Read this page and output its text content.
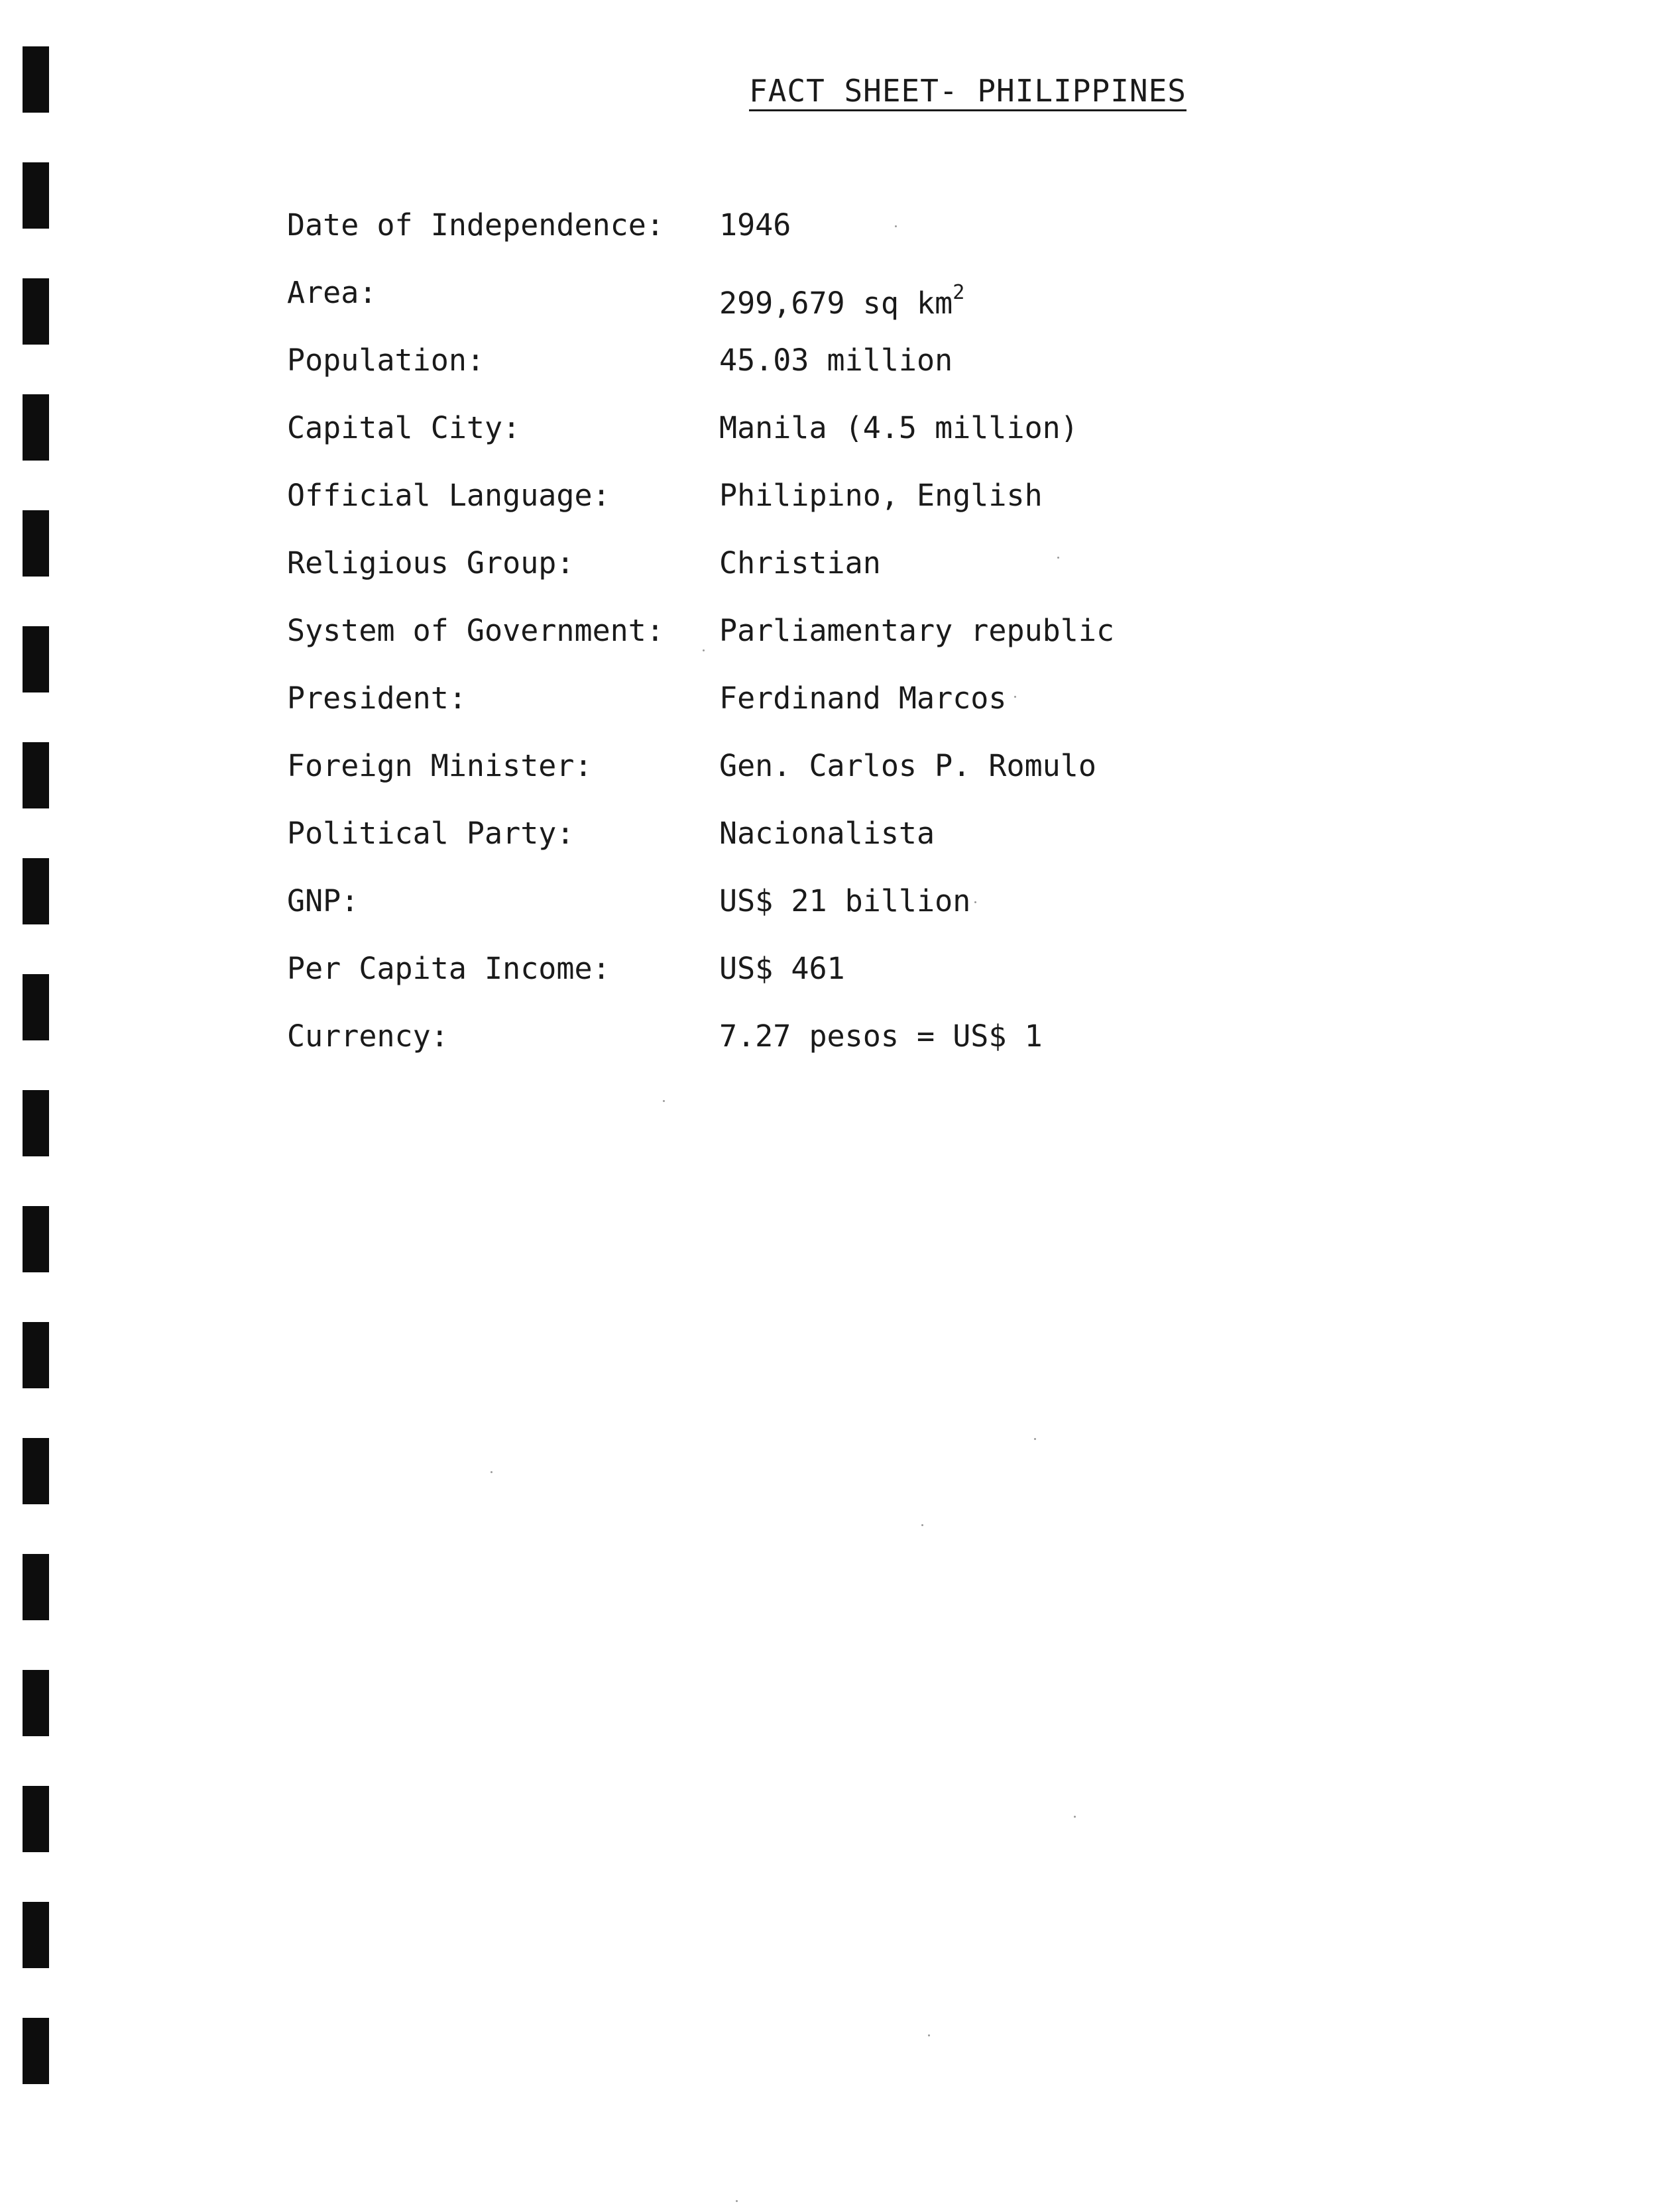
FACT SHEET- PHILIPPINES
Date of Independence: 1946
Area:	299,679 sq $km^2$
Population:	45.03 million
Capital City:	Manila (4.5 million)
Official Language:	Philipino, English
Religious Group:	Christian
System of Government: Parliamentary republic
President:	Ferdinand Marcos
Foreign Minister:	Gen. Carlos P. Romulo
Political Party:	Nacionalista
GNP:	US$ 21 billion
Per Capita Income:	US$ 461
Currency:	7.27 pesos = US$ 1
